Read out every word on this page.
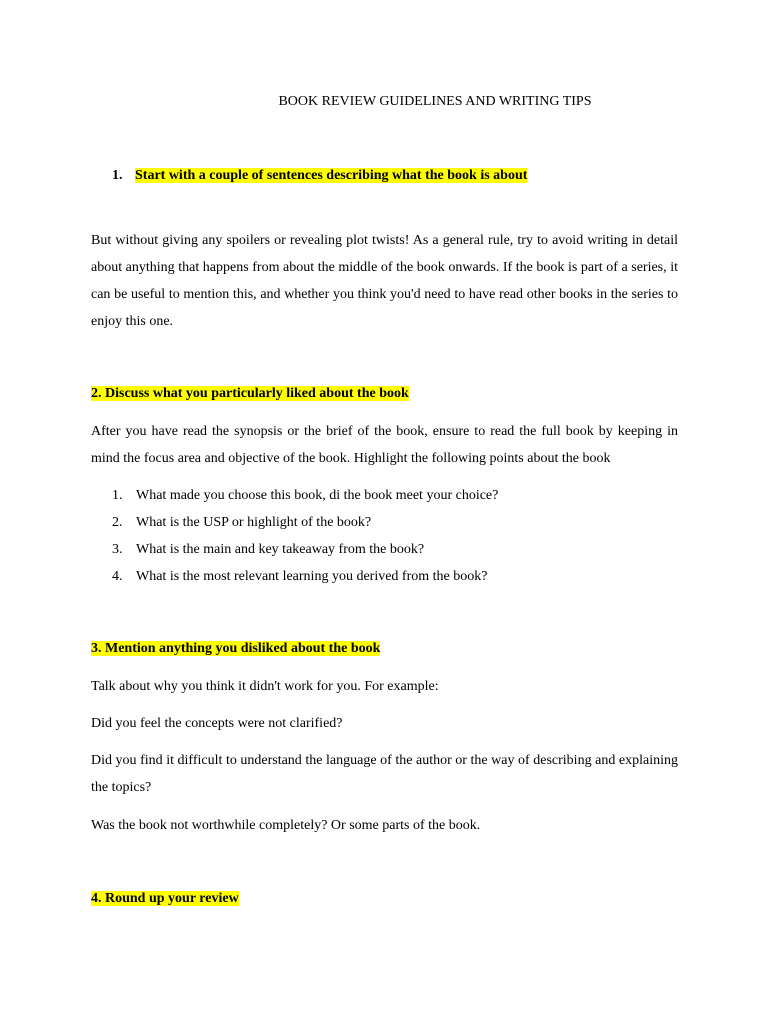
BOOK REVIEW GUIDELINES AND WRITING TIPS
1. Start with a couple of sentences describing what the book is about

But without giving any spoilers or revealing plot twists! As a general rule, try to avoid writing in detail about anything that happens from about the middle of the book onwards. If the book is part of a series, it can be useful to mention this, and whether you think you'd need to have read other books in the series to enjoy this one.

2. Discuss what you particularly liked about the book

After you have read the synopsis or the brief of the book, ensure to read the full book by keeping in mind the focus area and objective of the book. Highlight the following points about the book

1. What made you choose this book, di the book meet your choice?
2. What is the USP or highlight of the book?
3. What is the main and key takeaway from the book?
4. What is the most relevant learning you derived from the book?
3. Mention anything you disliked about the book

Talk about why you think it didn't work for you. For example:

Did you feel the concepts were not clarified?

Did you find it difficult to understand the language of the author or the way of describing and explaining the topics?

Was the book not worthwhile completely? Or some parts of the book.

4. Round up your review
